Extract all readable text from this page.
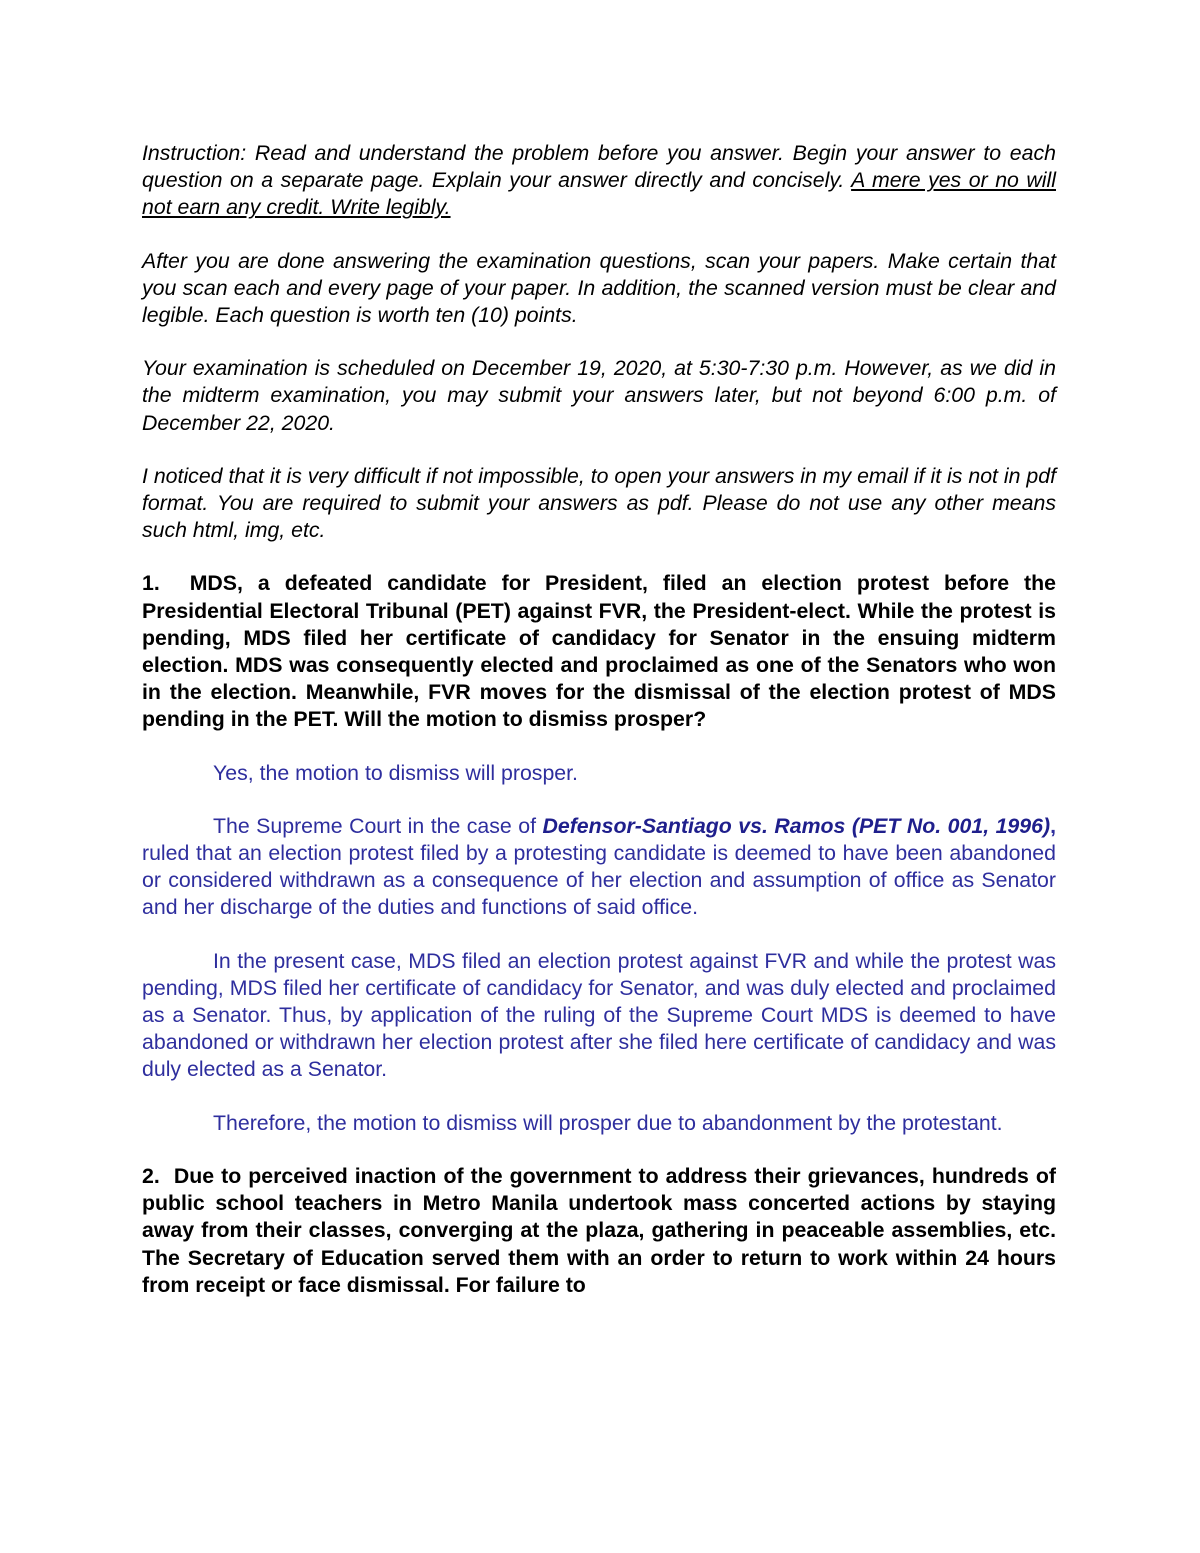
Instruction: Read and understand the problem before you answer. Begin your answer to each question on a separate page. Explain your answer directly and concisely. A mere yes or no will not earn any credit. Write legibly.

After you are done answering the examination questions, scan your papers. Make certain that you scan each and every page of your paper. In addition, the scanned version must be clear and legible. Each question is worth ten (10) points.

Your examination is scheduled on December 19, 2020, at 5:30-7:30 p.m. However, as we did in the midterm examination, you may submit your answers later, but not beyond 6:00 p.m. of December 22, 2020.

I noticed that it is very difficult if not impossible, to open your answers in my email if it is not in pdf format. You are required to submit your answers as pdf. Please do not use any other means such html, img, etc.

1. MDS, a defeated candidate for President, filed an election protest before the Presidential Electoral Tribunal (PET) against FVR, the President-elect. While the protest is pending, MDS filed her certificate of candidacy for Senator in the ensuing midterm election. MDS was consequently elected and proclaimed as one of the Senators who won in the election. Meanwhile, FVR moves for the dismissal of the election protest of MDS pending in the PET. Will the motion to dismiss prosper?

Yes, the motion to dismiss will prosper.

The Supreme Court in the case of Defensor-Santiago vs. Ramos (PET No. 001, 1996), ruled that an election protest filed by a protesting candidate is deemed to have been abandoned or considered withdrawn as a consequence of her election and assumption of office as Senator and her discharge of the duties and functions of said office.

In the present case, MDS filed an election protest against FVR and while the protest was pending, MDS filed her certificate of candidacy for Senator, and was duly elected and proclaimed as a Senator. Thus, by application of the ruling of the Supreme Court MDS is deemed to have abandoned or withdrawn her election protest after she filed here certificate of candidacy and was duly elected as a Senator.

Therefore, the motion to dismiss will prosper due to abandonment by the protestant.

2. Due to perceived inaction of the government to address their grievances, hundreds of public school teachers in Metro Manila undertook mass concerted actions by staying away from their classes, converging at the plaza, gathering in peaceable assemblies, etc. The Secretary of Education served them with an order to return to work within 24 hours from receipt or face dismissal. For failure to
